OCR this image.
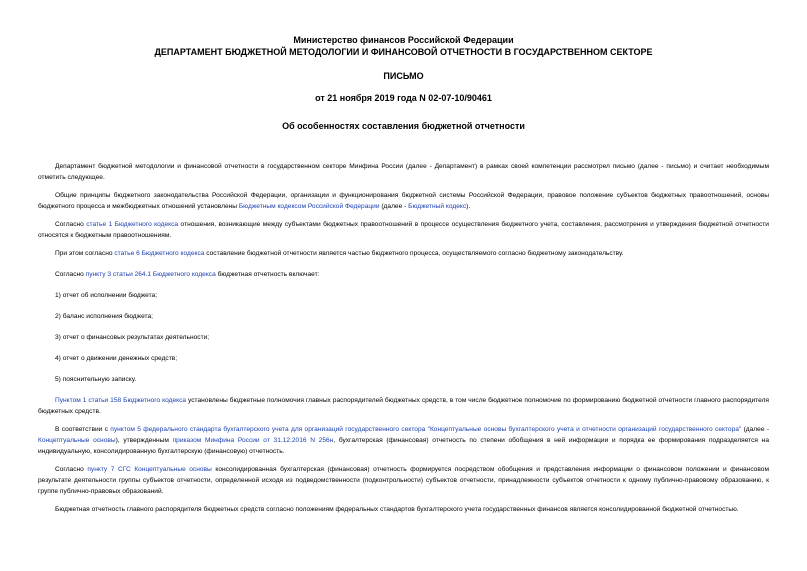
Министерство финансов Российской Федерации
ДЕПАРТАМЕНТ БЮДЖЕТНОЙ МЕТОДОЛОГИИ И ФИНАНСОВОЙ ОТЧЕТНОСТИ В ГОСУДАРСТВЕННОМ СЕКТОРЕ
ПИСЬМО
от 21 ноября 2019 года N 02-07-10/90461
Об особенностях составления бюджетной отчетности

Департамент бюджетной методологии и финансовой отчетности в государственном секторе Минфина России (далее - Департамент) в рамках своей компетенции рассмотрел письмо (далее - письмо) и считает необходимым отметить следующее.

Общие принципы бюджетного законодательства Российской Федерации, организации и функционирования бюджетной системы Российской Федерации, правовое положение субъектов бюджетных правоотношений, основы бюджетного процесса и межбюджетных отношений установлены Бюджетным кодексом Российской Федерации (далее - Бюджетный кодекс).

Согласно статье 1 Бюджетного кодекса отношения, возникающие между субъектами бюджетных правоотношений в процессе осуществления бюджетного учета, составления, рассмотрения и утверждения бюджетной отчетности относятся к бюджетным правоотношениям.

При этом согласно статье 6 Бюджетного кодекса составление бюджетной отчетности является частью бюджетного процесса, осуществляемого согласно бюджетному законодательству.

Согласно пункту 3 статьи 264.1 Бюджетного кодекса бюджетная отчетность включает:

1) отчет об исполнении бюджета;
2) баланс исполнения бюджета;
3) отчет о финансовых результатах деятельности;
4) отчет о движении денежных средств;
5) пояснительную записку.

Пунктом 1 статьи 158 Бюджетного кодекса установлены бюджетные полномочия главных распорядителей бюджетных средств, в том числе бюджетное полномочие по формированию бюджетной отчетности главного распорядителя бюджетных средств.

В соответствии с пунктом 5 федерального стандарта бухгалтерского учета для организаций государственного сектора "Концептуальные основы бухгалтерского учета и отчетности организаций государственного сектора" (далее - Концептуальные основы), утвержденным приказом Минфина России от 31.12.2016 N 256н, бухгалтерская (финансовая) отчетность по степени обобщения в ней информации и порядка ее формирования подразделяется на индивидуальную, консолидированную бухгалтерскую (финансовую) отчетность.

Согласно пункту 7 СГС Концептуальные основы консолидированная бухгалтерская (финансовая) отчетность формируется посредством обобщения и представления информации о финансовом положении и финансовом результате деятельности группы субъектов отчетности, определенной исходя из подведомственности (подконтрольности) субъектов отчетности, принадлежности субъектов отчетности к одному публично-правовому образованию, к группе публично-правовых образований.

Бюджетная отчетность главного распорядителя бюджетных средств согласно положениям федеральных стандартов бухгалтерского учета государственных финансов является консолидированной бюджетной отчетностью.
